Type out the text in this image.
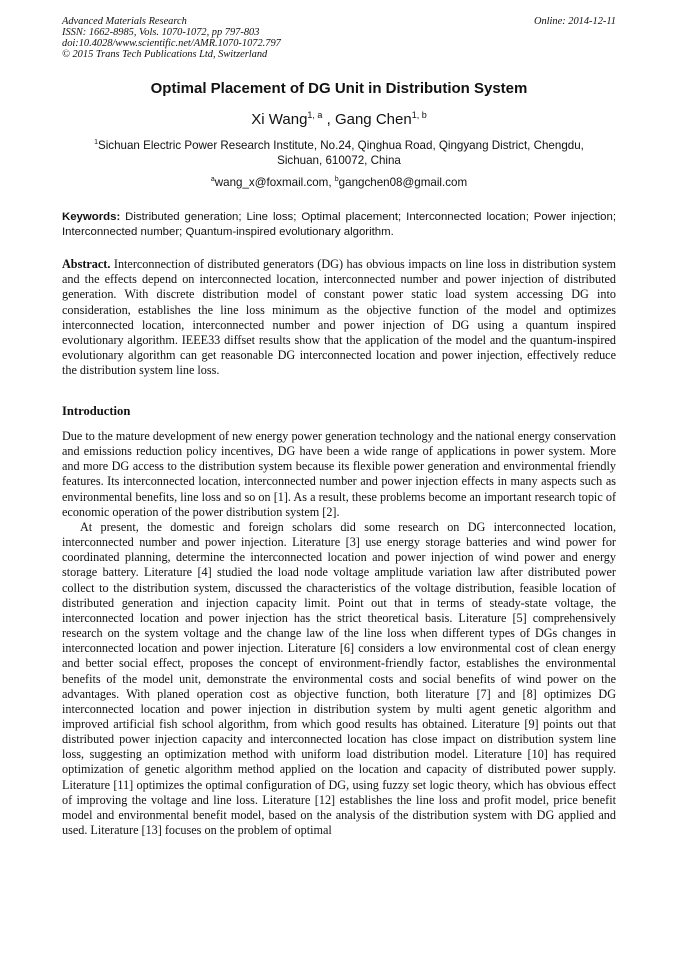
Advanced Materials Research
ISSN: 1662-8985, Vols. 1070-1072, pp 797-803
doi:10.4028/www.scientific.net/AMR.1070-1072.797
© 2015 Trans Tech Publications Ltd, Switzerland
Online: 2014-12-11
Optimal Placement of DG Unit in Distribution System
Xi Wang$^{1, a}$ , Gang Chen$^{1, b}$
$^1$Sichuan Electric Power Research Institute, No.24, Qinghua Road, Qingyang District, Chengdu, Sichuan, 610072, China
$^a$wang_x@foxmail.com, $^b$gangchen08@gmail.com
Keywords: Distributed generation; Line loss; Optimal placement; Interconnected location; Power injection; Interconnected number; Quantum-inspired evolutionary algorithm.
Abstract. Interconnection of distributed generators (DG) has obvious impacts on line loss in distribution system and the effects depend on interconnected location, interconnected number and power injection of distributed generation. With discrete distribution model of constant power static load system accessing DG into consideration, establishes the line loss minimum as the objective function of the model and optimizes interconnected location, interconnected number and power injection of DG using a quantum inspired evolutionary algorithm. IEEE33 diffset results show that the application of the model and the quantum-inspired evolutionary algorithm can get reasonable DG interconnected location and power injection, effectively reduce the distribution system line loss.
Introduction

Due to the mature development of new energy power generation technology and the national energy conservation and emissions reduction policy incentives, DG have been a wide range of applications in power system. More and more DG access to the distribution system because its flexible power generation and environmental friendly features. Its interconnected location, interconnected number and power injection effects in many aspects such as environmental benefits, line loss and so on [1]. As a result, these problems become an important research topic of economic operation of the power distribution system [2].

At present, the domestic and foreign scholars did some research on DG interconnected location, interconnected number and power injection. Literature [3] use energy storage batteries and wind power for coordinated planning, determine the interconnected location and power injection of wind power and energy storage battery. Literature [4] studied the load node voltage amplitude variation law after distributed power collect to the distribution system, discussed the characteristics of the voltage distribution, feasible location of distributed generation and injection capacity limit. Point out that in terms of steady-state voltage, the interconnected location and power injection has the strict theoretical basis. Literature [5] comprehensively research on the system voltage and the change law of the line loss when different types of DGs changes in interconnected location and power injection. Literature [6] considers a low environmental cost of clean energy and better social effect, proposes the concept of environment-friendly factor, establishes the environmental benefits of the model unit, demonstrate the environmental costs and social benefits of wind power on the advantages. With planed operation cost as objective function, both literature [7] and [8] optimizes DG interconnected location and power injection in distribution system by multi agent genetic algorithm and improved artificial fish school algorithm, from which good results has obtained. Literature [9] points out that distributed power injection capacity and interconnected location has close impact on distribution system line loss, suggesting an optimization method with uniform load distribution model. Literature [10] has required optimization of genetic algorithm method applied on the location and capacity of distributed power supply. Literature [11] optimizes the optimal configuration of DG, using fuzzy set logic theory, which has obvious effect of improving the voltage and line loss. Literature [12] establishes the line loss and profit model, price benefit model and environmental benefit model, based on the analysis of the distribution system with DG applied and used. Literature [13] focuses on the problem of optimal
